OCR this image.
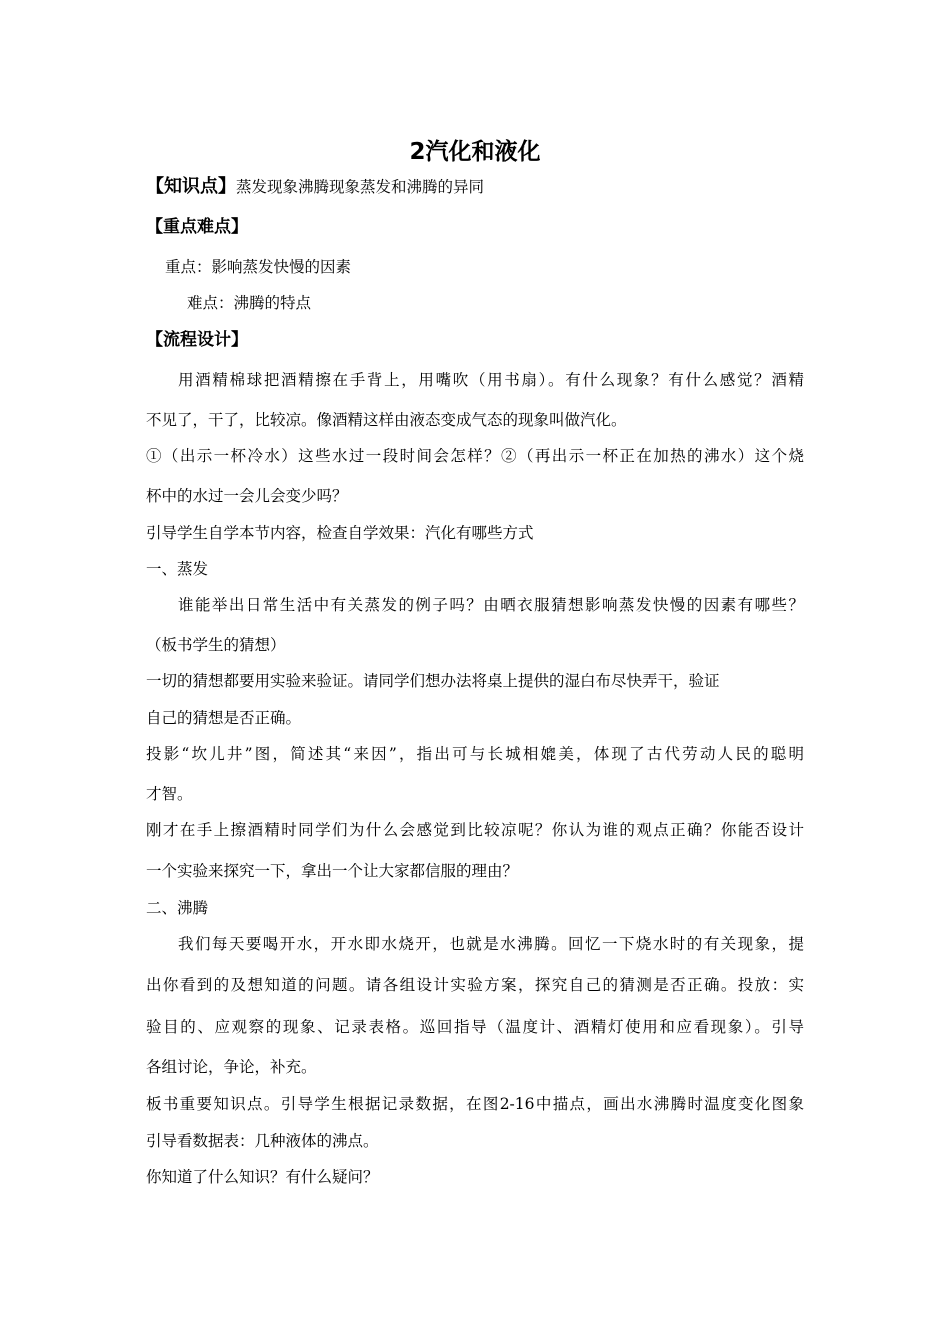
2汽化和液化
【知识点】蒸发现象沸腾现象蒸发和沸腾的异同
【重点难点】
重点：影响蒸发快慢的因素
难点：沸腾的特点
【流程设计】
用酒精棉球把酒精擦在手背上，用嘴吹（用书扇）。有什么现象？有什么感觉？酒精
不见了，干了，比较凉。像酒精这样由液态变成气态的现象叫做汽化。
①（出示一杯冷水）这些水过一段时间会怎样？②（再出示一杯正在加热的沸水）这个烧
杯中的水过一会儿会变少吗？
引导学生自学本节内容，检查自学效果：汽化有哪些方式
一、蒸发
谁能举出日常生活中有关蒸发的例子吗？由晒衣服猜想影响蒸发快慢的因素有哪些？
（板书学生的猜想）
一切的猜想都要用实验来验证。请同学们想办法将桌上提供的湿白布尽快弄干，验证
自己的猜想是否正确。
投影“坎儿井”图，简述其“来因”，指出可与长城相媲美，体现了古代劳动人民的聪明
才智。
刚才在手上擦酒精时同学们为什么会感觉到比较凉呢？你认为谁的观点正确？你能否设计
一个实验来探究一下，拿出一个让大家都信服的理由？
二、沸腾
我们每天要喝开水，开水即水烧开，也就是水沸腾。回忆一下烧水时的有关现象，提
出你看到的及想知道的问题。请各组设计实验方案，探究自己的猜测是否正确。投放：实
验目的、应观察的现象、记录表格。巡回指导（温度计、酒精灯使用和应看现象）。引导
各组讨论，争论，补充。
板书重要知识点。引导学生根据记录数据，在图2-16中描点，画出水沸腾时温度变化图象
引导看数据表：几种液体的沸点。
你知道了什么知识？有什么疑问？
